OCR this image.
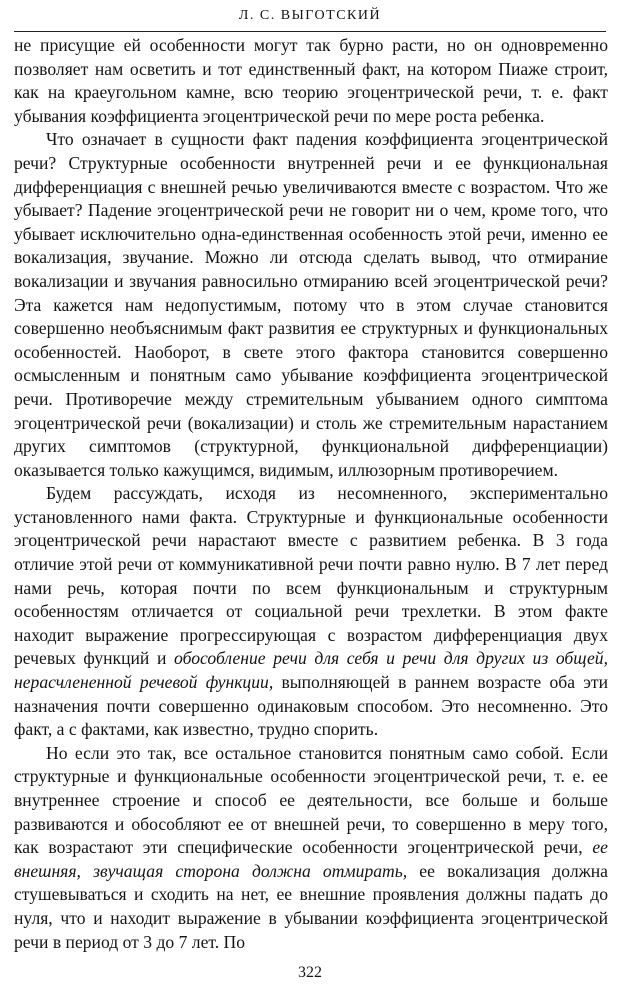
Л. С. ВЫГОТСКИЙ

не присущие ей особенности могут так бурно расти, но он одновременно позволяет нам осветить и тот единственный факт, на котором Пиаже строит, как на краеугольном камне, всю теорию эгоцентрической речи, т. е. факт убывания коэффициента эгоцентрической речи по мере роста ребенка.

Что означает в сущности факт падения коэффициента эгоцентрической речи? Структурные особенности внутренней речи и ее функциональная дифференциация с внешней речью увеличиваются вместе с возрастом. Что же убывает? Падение эгоцентрической речи не говорит ни о чем, кроме того, что убывает исключительно одна-единственная особенность этой речи, именно ее вокализация, звучание. Можно ли отсюда сделать вывод, что отмирание вокализации и звучания равносильно отмиранию всей эгоцентрической речи? Эта кажется нам недопустимым, потому что в этом случае становится совершенно необъяснимым факт развития ее структурных и функциональных особенностей. Наоборот, в свете этого фактора становится совершенно осмысленным и понятным само убывание коэффициента эгоцентрической речи. Противоречие между стремительным убыванием одного симптома эгоцентрической речи (вокализации) и столь же стремительным нарастанием других симптомов (структурной, функциональной дифференциации) оказывается только кажущимся, видимым, иллюзорным противоречием.

Будем рассуждать, исходя из несомненного, экспериментально установленного нами факта. Структурные и функциональные особенности эгоцентрической речи нарастают вместе с развитием ребенка. В 3 года отличие этой речи от коммуникативной речи почти равно нулю. В 7 лет перед нами речь, которая почти по всем функциональным и структурным особенностям отличается от социальной речи трехлетки. В этом факте находит выражение прогрессирующая с возрастом дифференциация двух речевых функций и обособление речи для себя и речи для других из общей, нерасчлененной речевой функции, выполняющей в раннем возрасте оба эти назначения почти совершенно одинаковым способом. Это несомненно. Это факт, а с фактами, как известно, трудно спорить.

Но если это так, все остальное становится понятным само собой. Если структурные и функциональные особенности эгоцентрической речи, т. е. ее внутреннее строение и способ ее деятельности, все больше и больше развиваются и обособляют ее от внешней речи, то совершенно в меру того, как возрастают эти специфические особенности эгоцентрической речи, ее внешняя, звучащая сторона должна отмирать, ее вокализация должна стушевываться и сходить на нет, ее внешние проявления должны падать до нуля, что и находит выражение в убывании коэффициента эгоцентрической речи в период от 3 до 7 лет. По

322
